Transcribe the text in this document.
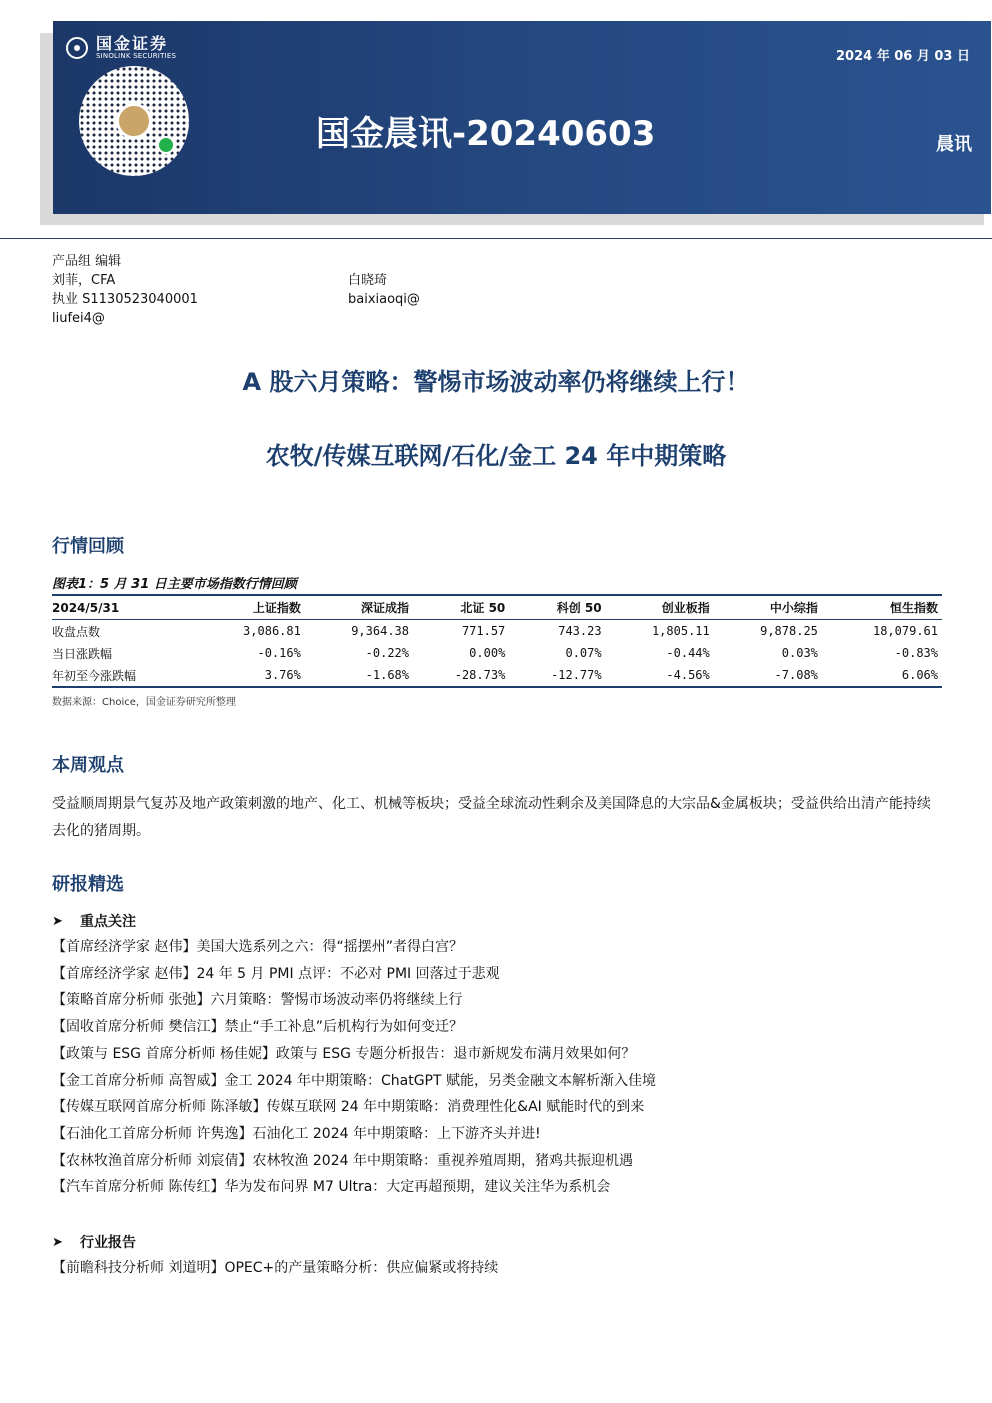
国金证券
SINOLINK SECURITIES
国金晨讯-20240603
2024 年 06 月 03 日
晨讯
产品组 编辑
刘菲，CFA
执业 S1130523040001
liufei4@
白晓琦
baixiaoqi@
A 股六月策略：警惕市场波动率仍将继续上行！
农牧/传媒互联网/石化/金工 24 年中期策略
行情回顾
图表1：5 月 31 日主要市场指数行情回顾
2024/5/31	上证指数	深证成指	北证 50	科创 50	创业板指	中小综指	恒生指数
收盘点数	3,086.81	9,364.38	771.57	743.23	1,805.11	9,878.25	18,079.61
当日涨跌幅	-0.16%	-0.22%	0.00%	0.07%	-0.44%	0.03%	-0.83%
年初至今涨跌幅	3.76%	-1.68%	-28.73%	-12.77%	-4.56%	-7.08%	6.06%
数据来源：Choice，国金证券研究所整理
本周观点
受益顺周期景气复苏及地产政策刺激的地产、化工、机械等板块；受益全球流动性剩余及美国降息的大宗品&金属板块；受益供给出清产能持续去化的猪周期。
研报精选
➤	重点关注
【首席经济学家 赵伟】美国大选系列之六：得“摇摆州”者得白宫？
【首席经济学家 赵伟】24 年 5 月 PMI 点评：不必对 PMI 回落过于悲观
【策略首席分析师 张弛】六月策略：警惕市场波动率仍将继续上行
【固收首席分析师 樊信江】禁止“手工补息”后机构行为如何变迁？
【政策与 ESG 首席分析师 杨佳妮】政策与 ESG 专题分析报告：退市新规发布满月效果如何？
【金工首席分析师 高智威】金工 2024 年中期策略：ChatGPT 赋能，另类金融文本解析渐入佳境
【传媒互联网首席分析师 陈泽敏】传媒互联网 24 年中期策略：消费理性化&AI 赋能时代的到来
【石油化工首席分析师 许隽逸】石油化工 2024 年中期策略：上下游齐头并进!
【农林牧渔首席分析师 刘宸倩】农林牧渔 2024 年中期策略：重视养殖周期，猪鸡共振迎机遇
【汽车首席分析师 陈传红】华为发布问界 M7 Ultra：大定再超预期，建议关注华为系机会
➤	行业报告
【前瞻科技分析师 刘道明】OPEC+的产量策略分析：供应偏紧或将持续
